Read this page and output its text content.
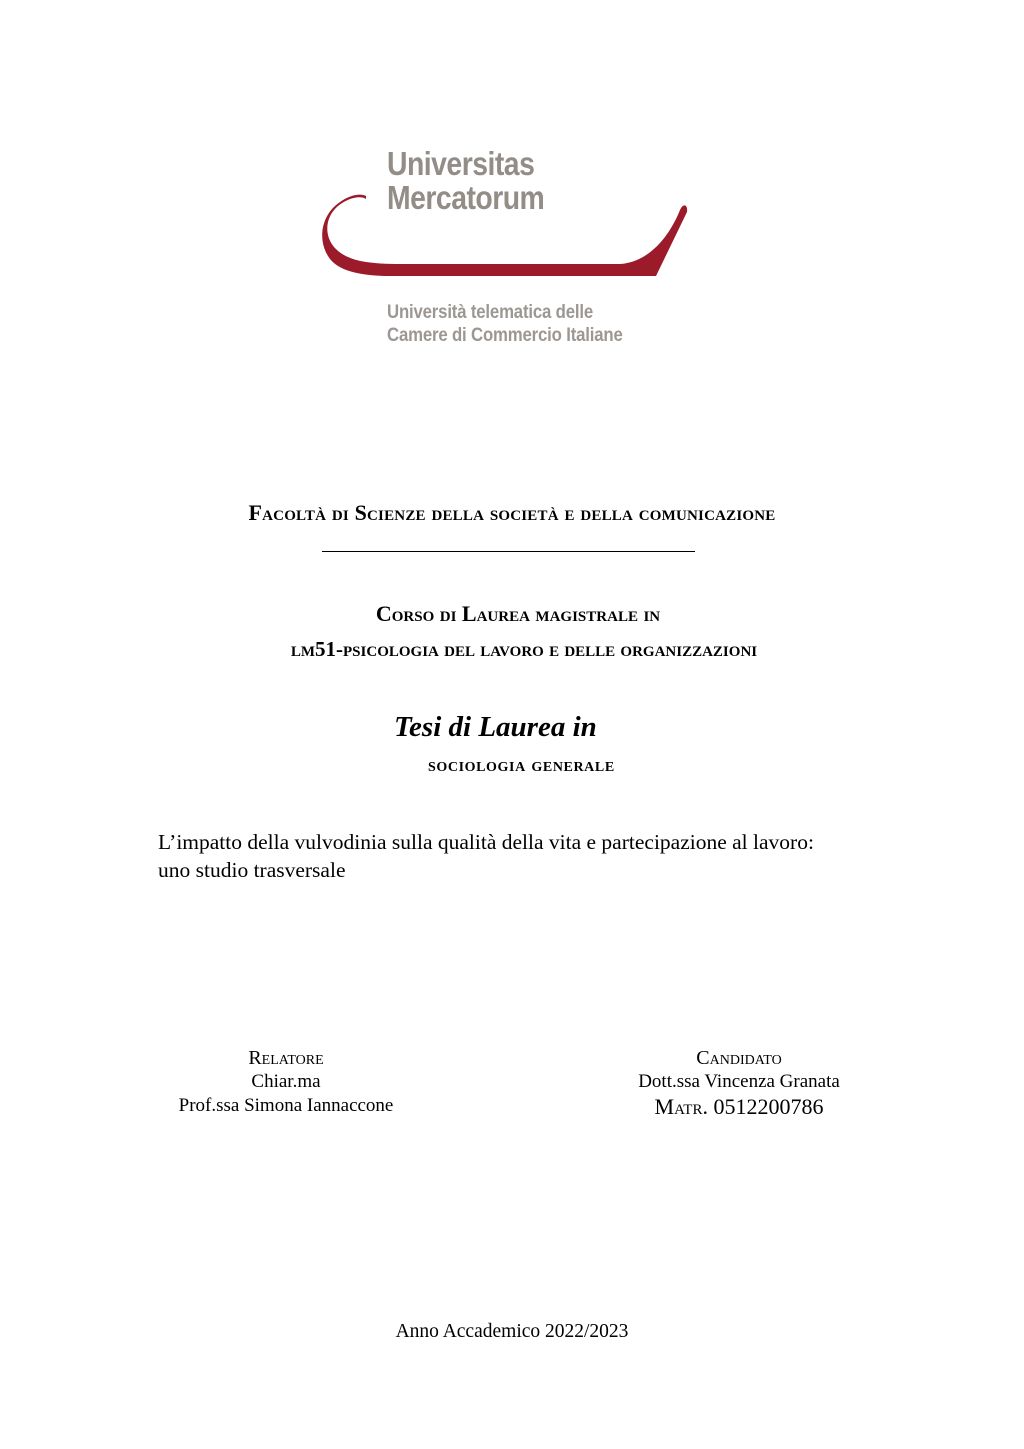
Universitas
Mercatorum
Università telematica delle
Camere di Commercio Italiane
Facoltà di Scienze della società e della comunicazione
Corso di Laurea magistrale in
lm51-psicologia del lavoro e delle organizzazioni
Tesi di Laurea in
sociologia generale
L’impatto della vulvodinia sulla qualità della vita e partecipazione al lavoro:
uno studio trasversale
Relatore
Chiar.ma
Prof.ssa Simona Iannaccone
Candidato
Dott.ssa Vincenza Granata
Matr. 0512200786
Anno Accademico 2022/2023
